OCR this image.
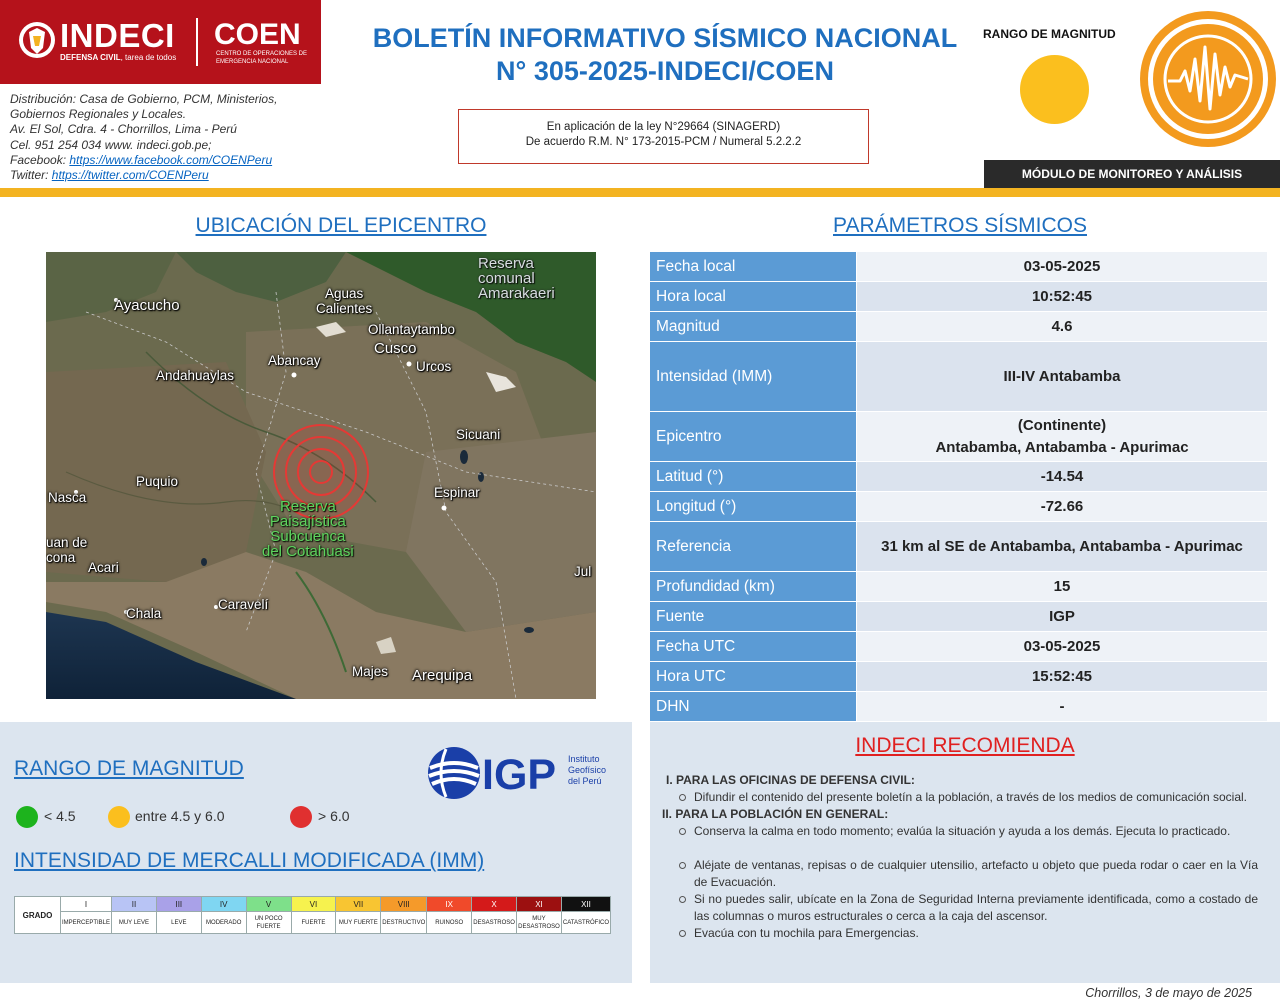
INDECI
DEFENSA CIVIL, tarea de todos
COEN
CENTRO DE OPERACIONES DE EMERGENCIA NACIONAL
Distribución: Casa de Gobierno, PCM, Ministerios,
Gobiernos Regionales y Locales.
Av. El Sol, Cdra. 4 - Chorrillos, Lima - Perú
Cel. 951 254 034 www. indeci.gob.pe;
Facebook: https://www.facebook.com/COENPeru
Twitter: https://twitter.com/COENPeru
BOLETÍN INFORMATIVO SÍSMICO NACIONAL
N° 305-2025-INDECI/COEN
En aplicación de la ley N°29664 (SINAGERD)
De acuerdo R.M. N° 173-2015-PCM / Numeral 5.2.2.2
RANGO DE MAGNITUD
MÓDULO DE MONITOREO Y ANÁLISIS
UBICACIÓN DEL EPICENTRO	PARÁMETROS SÍSMICOS
Reserva
comunal
Amarakaeri
Ayacucho
Aguas
Calientes
Ollantaytambo
Cusco
Abancay	Urcos
Andahuaylas
Sicuani
Puquio
Nasca	Espinar
Reserva
Paisajística
Subcuenca
del Cotahuasi
uan de
cona
Acari	Jul
Chala
Caravelí
Majes Arequipa
Fecha local	03-05-2025
Hora local	10:52:45
Magnitud	4.6
Intensidad (IMM)	III-IV Antabamba
Epicentro
(Continente)
Antabamba, Antabamba - Apurimac
Latitud (°)	-14.54
Longitud (°)	-72.66
Referencia	31 km al SE de Antabamba, Antabamba - Apurimac
Profundidad (km)	15
Fuente	IGP
Fecha UTC	03-05-2025
Hora UTC	15:52:45
DHN	-
RANGO DE MAGNITUD	IGP Instituto
Geofísico
del Perú
< 4.5	entre 4.5 y 6.0	> 6.0
INTENSIDAD DE MERCALLI MODIFICADA (IMM)
GRADO
I
IMPERCEPTIBLE
II
MUY LEVE
III
LEVE
IV
MODERADO
V
UN POCO FUERTE
VI
FUERTE
VII
MUY FUERTE
VIII
DESTRUCTIVO
IX
RUINOSO
X
DESASTROSO
XI
MUY DESASTROSO
XII
CATASTRÓFICO
INDECI RECOMIENDA
I. PARA LAS OFICINAS DE DEFENSA CIVIL:
Difundir el contenido del presente boletín a la población, a través de los medios de comunicación social.
II. PARA LA POBLACIÓN EN GENERAL:
Conserva la calma en todo momento; evalúa la situación y ayuda a los demás. Ejecuta lo practicado.
Aléjate de ventanas, repisas o de cualquier utensilio, artefacto u objeto que pueda rodar o caer en la Vía de Evacuación.
Si no puedes salir, ubícate en la Zona de Seguridad Interna previamente identificada, como a costado de las columnas o muros estructurales o cerca a la caja del ascensor.
Evacúa con tu mochila para Emergencias.
Chorrillos, 3 de mayo de 2025
